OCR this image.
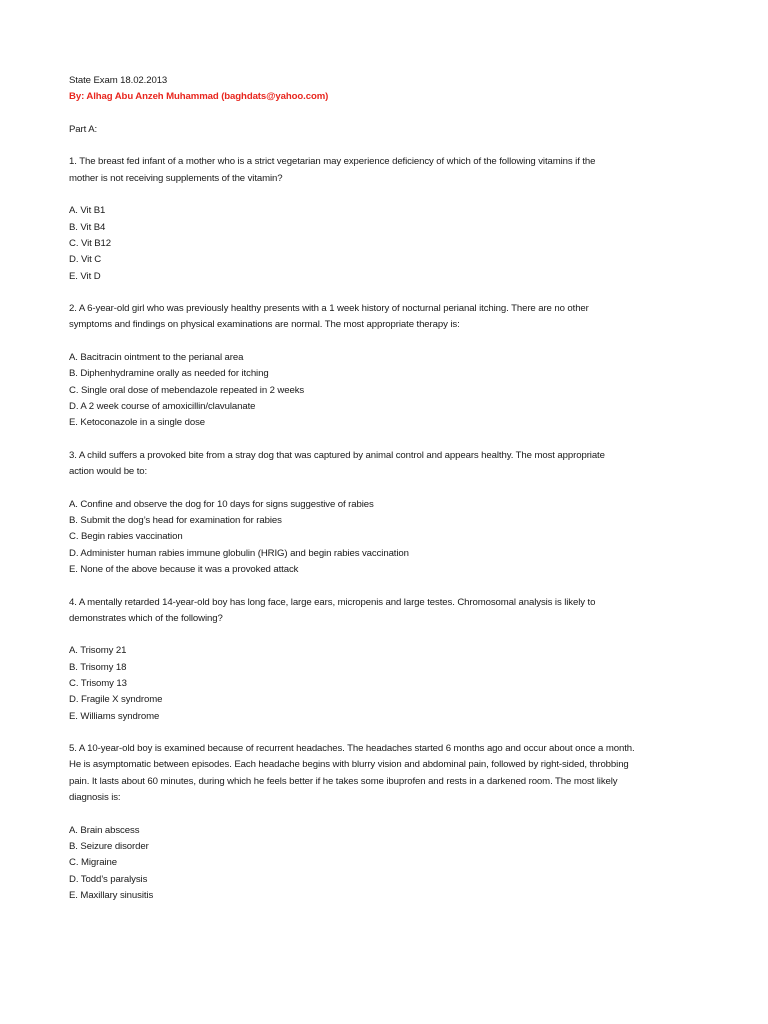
State Exam 18.02.2013
By: Alhag Abu Anzeh Muhammad (baghdats@yahoo.com)
Part A:
1. The breast fed infant of a mother who is a strict vegetarian may experience deficiency of which of the following vitamins if the
mother is not receiving supplements of the vitamin?
A. Vit B1
B. Vit B4
C. Vit B12
D. Vit C
E. Vit D
2. A 6-year-old girl who was previously healthy presents with a 1 week history of nocturnal perianal itching. There are no other
symptoms and findings on physical examinations are normal. The most appropriate therapy is:
A. Bacitracin ointment to the perianal area
B. Diphenhydramine orally as needed for itching
C. Single oral dose of mebendazole repeated in 2 weeks
D. A 2 week course of amoxicillin/clavulanate
E. Ketoconazole in a single dose
3. A child suffers a provoked bite from a stray dog that was captured by animal control and appears healthy. The most appropriate
action would be to:
A. Confine and observe the dog for 10 days for signs suggestive of rabies
B. Submit the dog’s head for examination for rabies
C. Begin rabies vaccination
D. Administer human rabies immune globulin (HRIG) and begin rabies vaccination
E. None of the above because it was a provoked attack
4. A mentally retarded 14-year-old boy has long face, large ears, micropenis and large testes. Chromosomal analysis is likely to
demonstrates which of the following?
A. Trisomy 21
B. Trisomy 18
C. Trisomy 13
D. Fragile X syndrome
E. Williams syndrome
5. A 10-year-old boy is examined because of recurrent headaches. The headaches started 6 months ago and occur about once a month.
He is asymptomatic between episodes. Each headache begins with blurry vision and abdominal pain, followed by right-sided, throbbing
pain. It lasts about 60 minutes, during which he feels better if he takes some ibuprofen and rests in a darkened room. The most likely
diagnosis is:
A. Brain abscess
B. Seizure disorder
C. Migraine
D. Todd’s paralysis
E. Maxillary sinusitis
